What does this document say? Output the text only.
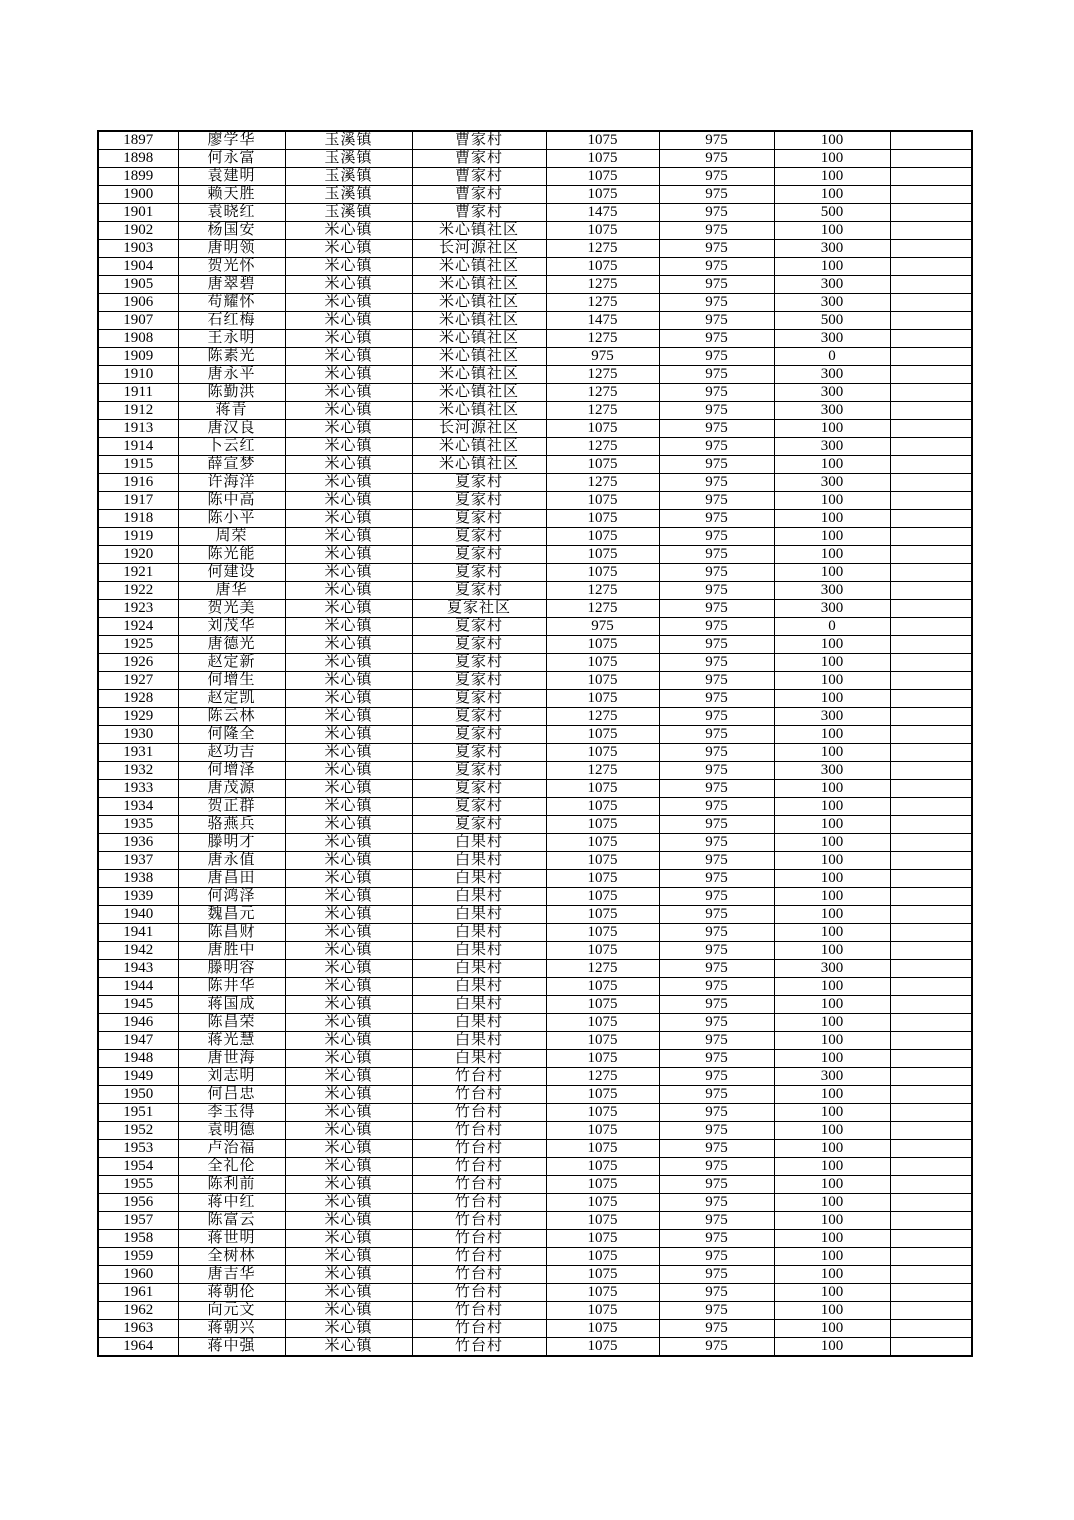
1897	廖学华	玉溪镇	曹家村	1075	975	100	
1898	何永富	玉溪镇	曹家村	1075	975	100	
1899	袁建明	玉溪镇	曹家村	1075	975	100	
1900	赖天胜	玉溪镇	曹家村	1075	975	100	
1901	袁晓红	玉溪镇	曹家村	1475	975	500	
1902	杨国安	米心镇	米心镇社区	1075	975	100	
1903	唐明领	米心镇	长河源社区	1275	975	300	
1904	贺光怀	米心镇	米心镇社区	1075	975	100	
1905	唐翠碧	米心镇	米心镇社区	1275	975	300	
1906	苟耀怀	米心镇	米心镇社区	1275	975	300	
1907	石红梅	米心镇	米心镇社区	1475	975	500	
1908	王永明	米心镇	米心镇社区	1275	975	300	
1909	陈素光	米心镇	米心镇社区	975	975	0	
1910	唐永平	米心镇	米心镇社区	1275	975	300	
1911	陈勤洪	米心镇	米心镇社区	1275	975	300	
1912	蒋青	米心镇	米心镇社区	1275	975	300	
1913	唐汉良	米心镇	长河源社区	1075	975	100	
1914	卜云红	米心镇	米心镇社区	1275	975	300	
1915	薛宣梦	米心镇	米心镇社区	1075	975	100	
1916	许海洋	米心镇	夏家村	1275	975	300	
1917	陈中高	米心镇	夏家村	1075	975	100	
1918	陈小平	米心镇	夏家村	1075	975	100	
1919	周荣	米心镇	夏家村	1075	975	100	
1920	陈光能	米心镇	夏家村	1075	975	100	
1921	何建设	米心镇	夏家村	1075	975	100	
1922	唐华	米心镇	夏家村	1275	975	300	
1923	贺光美	米心镇	夏家社区	1275	975	300	
1924	刘茂华	米心镇	夏家村	975	975	0	
1925	唐德光	米心镇	夏家村	1075	975	100	
1926	赵定新	米心镇	夏家村	1075	975	100	
1927	何增生	米心镇	夏家村	1075	975	100	
1928	赵定凯	米心镇	夏家村	1075	975	100	
1929	陈云林	米心镇	夏家村	1275	975	300	
1930	何隆全	米心镇	夏家村	1075	975	100	
1931	赵功吉	米心镇	夏家村	1075	975	100	
1932	何增泽	米心镇	夏家村	1275	975	300	
1933	唐茂源	米心镇	夏家村	1075	975	100	
1934	贺正群	米心镇	夏家村	1075	975	100	
1935	骆燕兵	米心镇	夏家村	1075	975	100	
1936	滕明才	米心镇	白果村	1075	975	100	
1937	唐永值	米心镇	白果村	1075	975	100	
1938	唐昌田	米心镇	白果村	1075	975	100	
1939	何鸿泽	米心镇	白果村	1075	975	100	
1940	魏昌元	米心镇	白果村	1075	975	100	
1941	陈昌财	米心镇	白果村	1075	975	100	
1942	唐胜中	米心镇	白果村	1075	975	100	
1943	滕明容	米心镇	白果村	1275	975	300	
1944	陈井华	米心镇	白果村	1075	975	100	
1945	蒋国成	米心镇	白果村	1075	975	100	
1946	陈昌荣	米心镇	白果村	1075	975	100	
1947	蒋光慧	米心镇	白果村	1075	975	100	
1948	唐世海	米心镇	白果村	1075	975	100	
1949	刘志明	米心镇	竹台村	1275	975	300	
1950	何吕忠	米心镇	竹台村	1075	975	100	
1951	李玉得	米心镇	竹台村	1075	975	100	
1952	袁明德	米心镇	竹台村	1075	975	100	
1953	卢治福	米心镇	竹台村	1075	975	100	
1954	全礼伦	米心镇	竹台村	1075	975	100	
1955	陈利前	米心镇	竹台村	1075	975	100	
1956	蒋中红	米心镇	竹台村	1075	975	100	
1957	陈富云	米心镇	竹台村	1075	975	100	
1958	蒋世明	米心镇	竹台村	1075	975	100	
1959	全树林	米心镇	竹台村	1075	975	100	
1960	唐吉华	米心镇	竹台村	1075	975	100	
1961	蒋朝伦	米心镇	竹台村	1075	975	100	
1962	向元文	米心镇	竹台村	1075	975	100	
1963	蒋朝兴	米心镇	竹台村	1075	975	100	
1964	蒋中强	米心镇	竹台村	1075	975	100	
